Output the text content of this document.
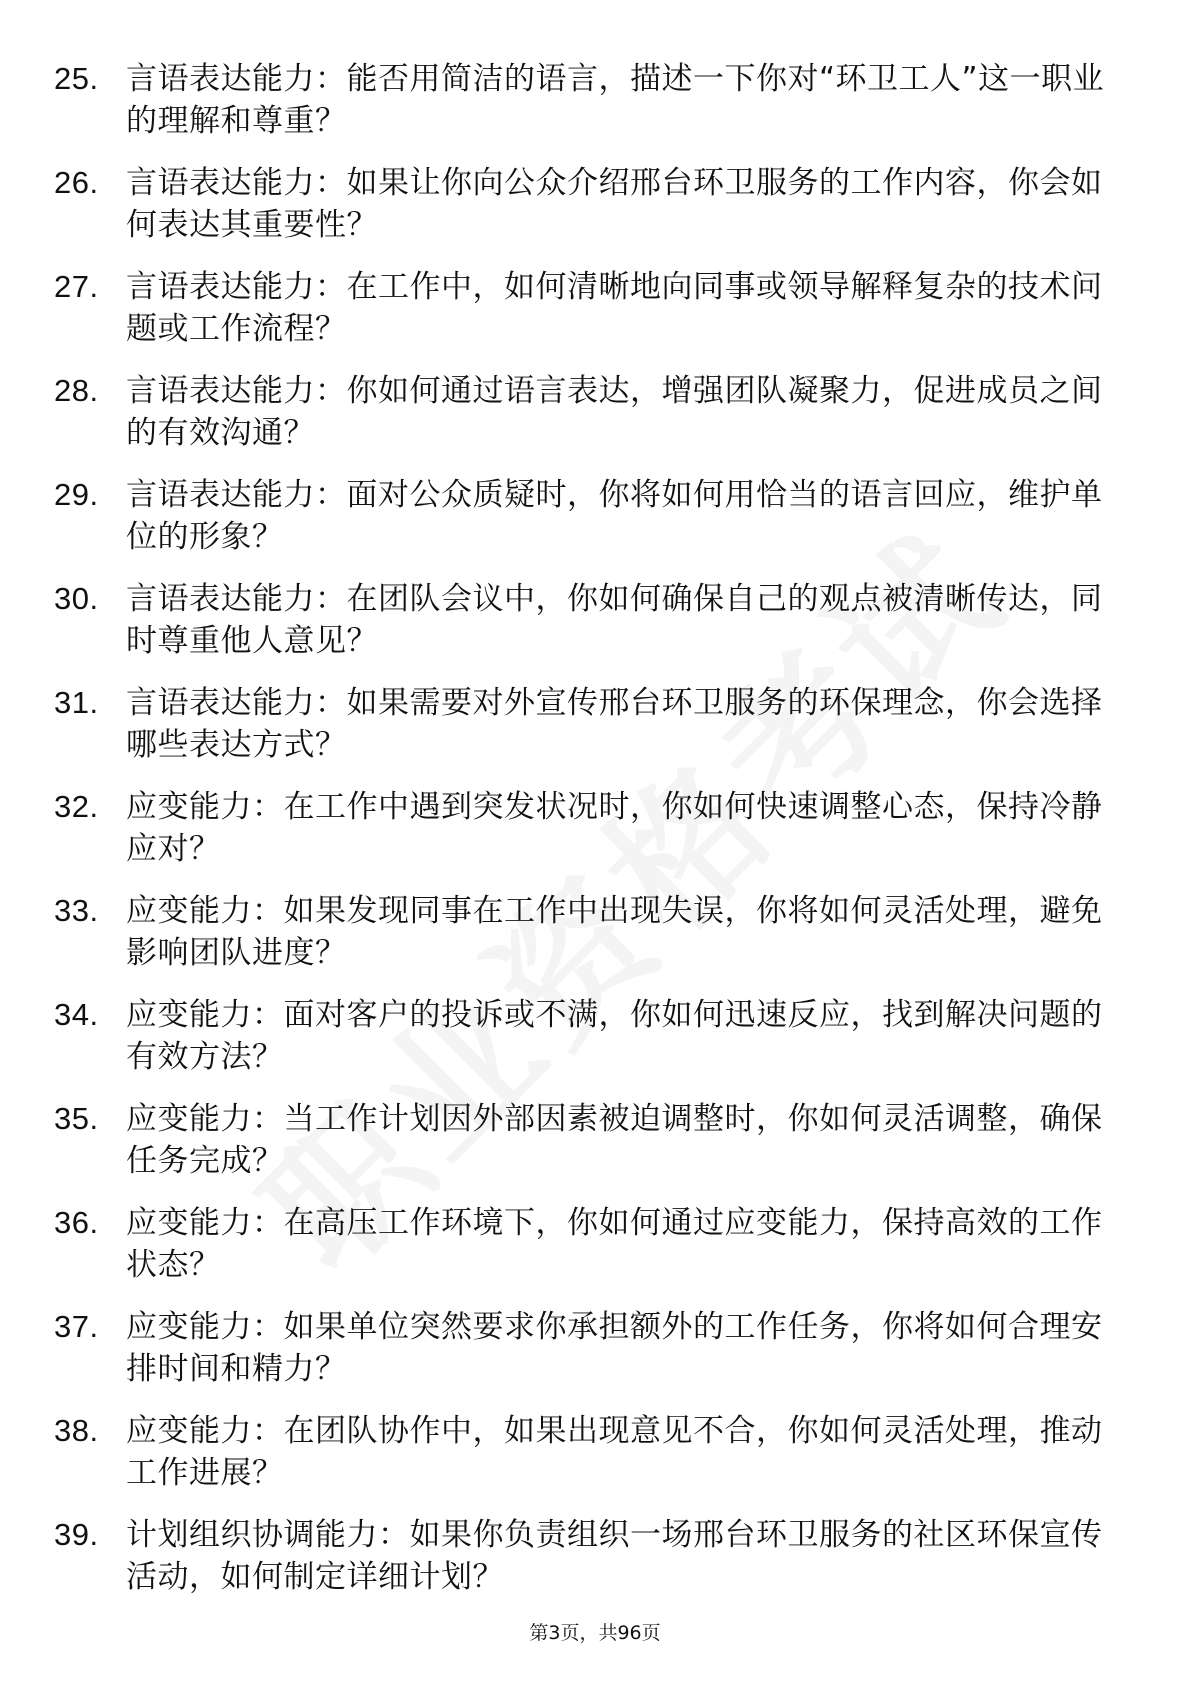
25. 言语表达能力：能否用简洁的语言，描述一下你对“环卫工人”这一职业的理解和尊重？
26. 言语表达能力：如果让你向公众介绍邢台环卫服务的工作内容，你会如何表达其重要性？
27. 言语表达能力：在工作中，如何清晰地向同事或领导解释复杂的技术问题或工作流程？
28. 言语表达能力：你如何通过语言表达，增强团队凝聚力，促进成员之间的有效沟通？
29. 言语表达能力：面对公众质疑时，你将如何用恰当的语言回应，维护单位的形象？
30. 言语表达能力：在团队会议中，你如何确保自己的观点被清晰传达，同时尊重他人意见？
31. 言语表达能力：如果需要对外宣传邢台环卫服务的环保理念，你会选择哪些表达方式？
32. 应变能力：在工作中遇到突发状况时，你如何快速调整心态，保持冷静应对？
33. 应变能力：如果发现同事在工作中出现失误，你将如何灵活处理，避免影响团队进度？
34. 应变能力：面对客户的投诉或不满，你如何迅速反应，找到解决问题的有效方法？
35. 应变能力：当工作计划因外部因素被迫调整时，你如何灵活调整，确保任务完成？
36. 应变能力：在高压工作环境下，你如何通过应变能力，保持高效的工作状态？
37. 应变能力：如果单位突然要求你承担额外的工作任务，你将如何合理安排时间和精力？
38. 应变能力：在团队协作中，如果出现意见不合，你如何灵活处理，推动工作进展？
39. 计划组织协调能力：如果你负责组织一场邢台环卫服务的社区环保宣传活动，如何制定详细计划？
第3页，共96页
